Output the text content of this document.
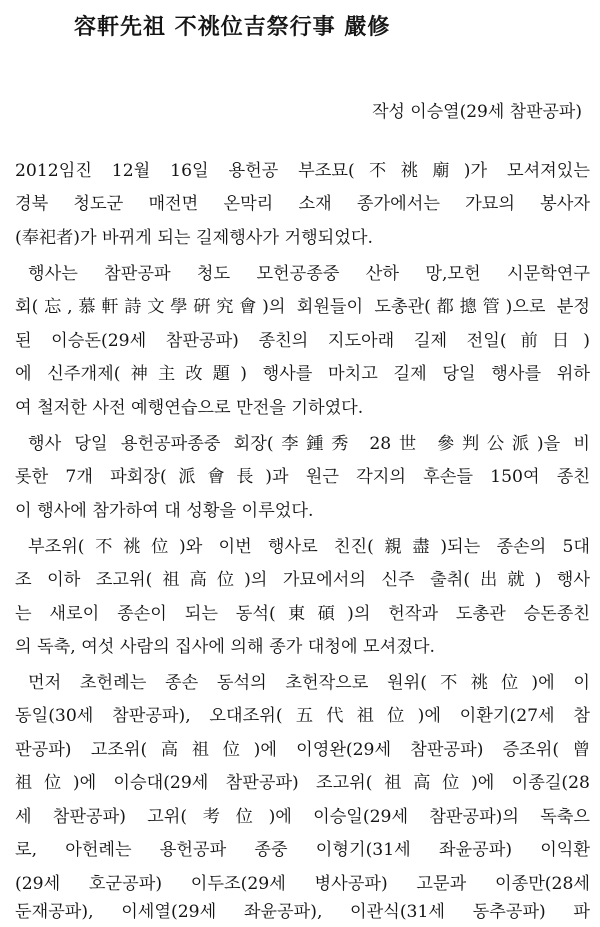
容軒先祖 不祧位吉祭行事 嚴修
작성 이승열(29세 참판공파)
2012임진 12월 16일 용헌공 부조묘(不祧廟)가 모셔져있는
경북 청도군 매전면 온막리 소재 종가에서는 가묘의 봉사자
(奉祀者)가 바뀌게 되는 길제행사가 거행되었다.
행사는 참판공파 청도 모헌공종중 산하 망,모헌 시문학연구
회(忘,慕軒詩文學硏究會)의 회원들이 도총관(都摠管)으로 분정
된 이승돈(29세 참판공파) 종친의 지도아래 길제 전일(前日)
에 신주개제(神主改題) 행사를 마치고 길제 당일 행사를 위하
여 철저한 사전 예행연습으로 만전을 기하였다.
행사 당일 용헌공파종중 회장(李鍾秀 28世 參判公派)을 비
롯한 7개 파회장(派會長)과 원근 각지의 후손들 150여 종친
이 행사에 참가하여 대 성황을 이루었다.
부조위(不祧位)와 이번 행사로 친진(親盡)되는 종손의 5대
조 이하 조고위(祖高位)의 가묘에서의 신주 출취(出就) 행사
는 새로이 종손이 되는 동석(東碩)의 헌작과 도총관 승돈종친
의 독축, 여섯 사람의 집사에 의해 종가 대청에 모셔졌다.
먼저 초헌례는 종손 동석의 초헌작으로 원위(不祧位)에 이
동일(30세 참판공파), 오대조위(五代祖位)에 이환기(27세 참
판공파) 고조위(高祖位)에 이영완(29세 참판공파) 증조위(曾
祖位)에 이승대(29세 참판공파) 조고위(祖高位)에 이종길(28
세 참판공파) 고위(考位)에 이승일(29세 참판공파)의 독축으
로, 아헌례는 용헌공파 종중 이형기(31세 좌윤공파) 이익환
(29세 호군공파) 이두조(29세 병사공파) 고문과 이종만(28세
둔재공파), 이세열(29세 좌윤공파), 이관식(31세 동추공파) 파
